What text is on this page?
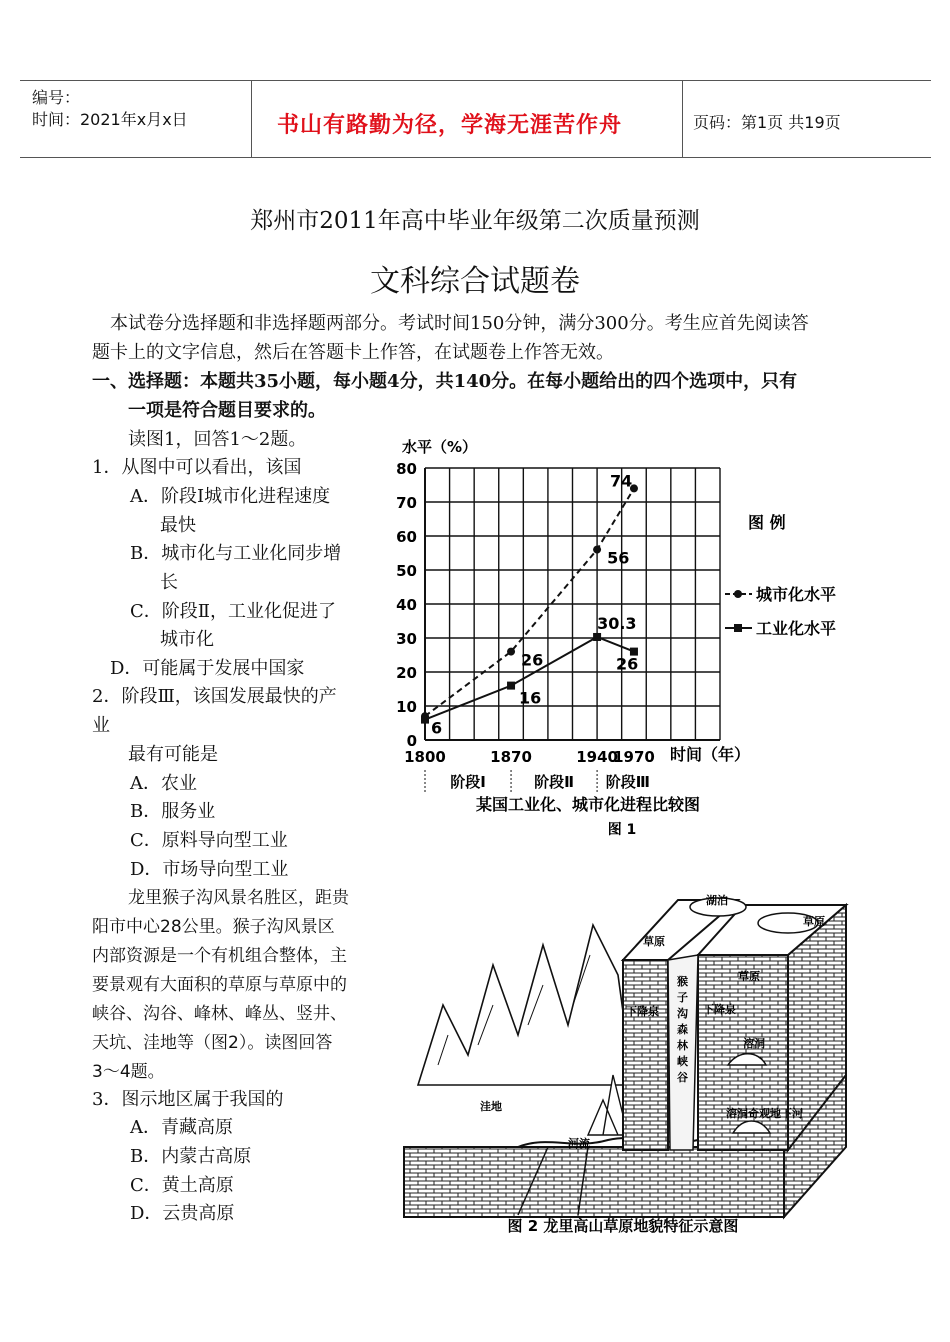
编号：
时间：2021年x月x日	书山有路勤为径，学海无涯苦作舟	页码：第1页 共19页
郑州市2011年高中毕业年级第二次质量预测
文科综合试题卷
本试卷分选择题和非选择题两部分。考试时间150分钟，满分300分。考生应首先阅读答
题卡上的文字信息，然后在答题卡上作答，在试题卷上作答无效。
一、选择题：本题共35小题，每小题4分，共140分。在每小题给出的四个选项中，只有
一项是符合题目要求的。
读图1，回答1～2题。
1．从图中可以看出，该国
A．阶段Ⅰ城市化进程速度
最快
B．城市化与工业化同步增
长
C．阶段Ⅱ，工业化促进了
城市化
D．可能属于发展中国家
2．阶段Ⅲ，该国发展最快的产
业
最有可能是
A．农业
B．服务业
C．原料导向型工业
D．市场导向型工业
龙里猴子沟风景名胜区，距贵
阳市中心28公里。猴子沟风景区
内部资源是一个有机组合整体，主
要景观有大面积的草原与草原中的
峡谷、沟谷、峰林、峰丛、竖井、
天坑、洼地等（图2）。读图回答
3～4题。
3．图示地区属于我国的
A．青藏高原
B．内蒙古高原
C．黄土高原
D．云贵高原
0
10
20
30
40
50
60
70
80
1800	1870	1940
1970
阶段Ⅰ	阶段Ⅱ 阶段Ⅲ
26
56
74
6
16
30.3
26
城市化水平
工业化水平
水平（%）
时间（年）
图 例
某国工业化、城市化进程比较图
图 1
湖泊
草原
草原
草原
下降泉	下降泉
溶洞
溶洞奇观 地下河
洼地
河流
猴子沟森林峡谷
图 2 龙里高山草原地貌特征示意图
